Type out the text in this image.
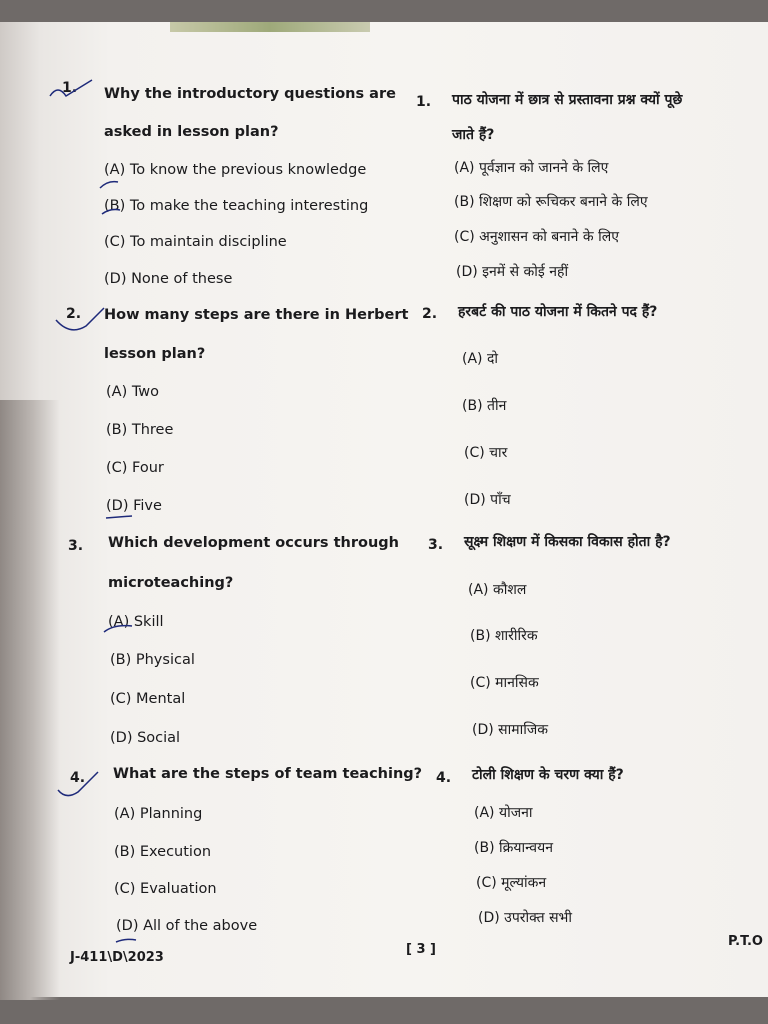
1. Why the introductory questions are
asked in lesson plan?
(A) To know the previous knowledge
(B) To make the teaching interesting
(C) To maintain discipline
(D) None of these
2. How many steps are there in Herbert
lesson plan?
(A) Two
(B) Three
(C) Four
(D) Five
3. Which development occurs through
microteaching?
(A) Skill
(B) Physical
(C) Mental
(D) Social
4. What are the steps of team teaching?
(A) Planning
(B) Execution
(C) Evaluation
(D) All of the above
1. पाठ योजना में छात्र से प्रस्तावना प्रश्न क्यों पूछे
जाते हैं?
(A) पूर्वज्ञान को जानने के लिए
(B) शिक्षण को रूचिकर बनाने के लिए
(C) अनुशासन को बनाने के लिए
(D) इनमें से कोई नहीं
2. हरबर्ट की पाठ योजना में कितने पद हैं?
(A) दो
(B) तीन
(C) चार
(D) पाँच
3. सूक्ष्म शिक्षण में किसका विकास होता है?
(A) कौशल
(B) शारीरिक
(C) मानसिक
(D) सामाजिक
4. टोली शिक्षण के चरण क्या हैं?
(A) योजना
(B) क्रियान्वयन
(C) मूल्यांकन
(D) उपरोक्त सभी
J-411\D\2023
[ 3 ]
P.T.O
